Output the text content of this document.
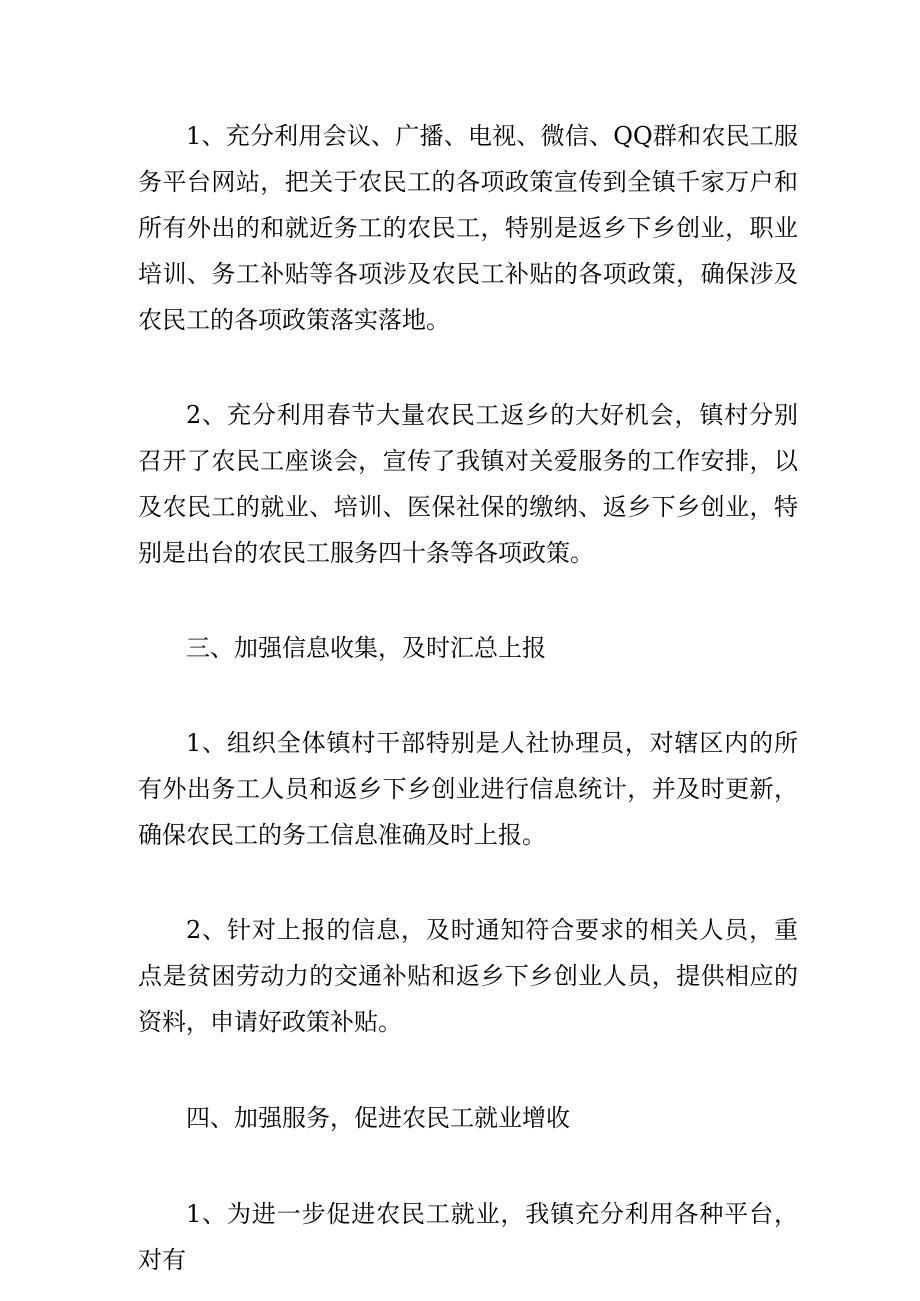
1、充分利用会议、广播、电视、微信、QQ群和农民工服务平台网站，把关于农民工的各项政策宣传到全镇千家万户和所有外出的和就近务工的农民工，特别是返乡下乡创业，职业培训、务工补贴等各项涉及农民工补贴的各项政策，确保涉及农民工的各项政策落实落地。

2、充分利用春节大量农民工返乡的大好机会，镇村分别召开了农民工座谈会，宣传了我镇对关爱服务的工作安排，以及农民工的就业、培训、医保社保的缴纳、返乡下乡创业，特别是出台的农民工服务四十条等各项政策。

三、加强信息收集，及时汇总上报

1、组织全体镇村干部特别是人社协理员，对辖区内的所有外出务工人员和返乡下乡创业进行信息统计，并及时更新，确保农民工的务工信息准确及时上报。

2、针对上报的信息，及时通知符合要求的相关人员，重点是贫困劳动力的交通补贴和返乡下乡创业人员，提供相应的资料，申请好政策补贴。

四、加强服务，促进农民工就业增收

1、为进一步促进农民工就业，我镇充分利用各种平台，对有
